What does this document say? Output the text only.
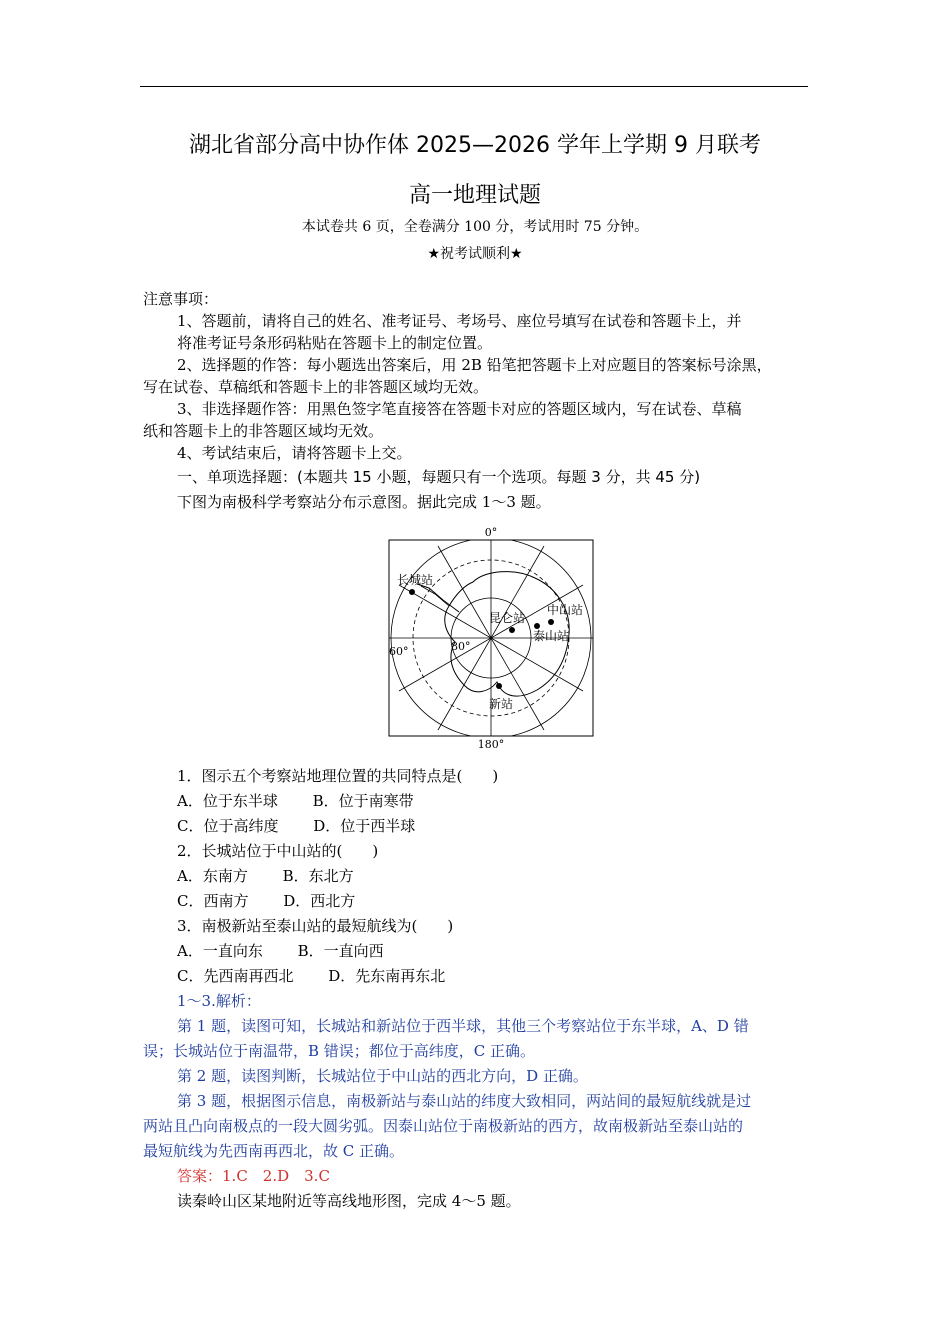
湖北省部分高中协作体 2025—2026 学年上学期 9 月联考
高一地理试题
本试卷共 6 页，全卷满分 100 分，考试用时 75 分钟。
★祝考试顺利★
注意事项：
1、答题前，请将自己的姓名、准考证号、考场号、座位号填写在试卷和答题卡上，并
将准考证号条形码粘贴在答题卡上的制定位置。
2、选择题的作答：每小题选出答案后，用 2B 铅笔把答题卡上对应题目的答案标号涂黑，
写在试卷、草稿纸和答题卡上的非答题区域均无效。
3、非选择题作答：用黑色签字笔直接答在答题卡对应的答题区域内，写在试卷、草稿
纸和答题卡上的非答题区域均无效。
4、考试结束后，请将答题卡上交。
一、单项选择题：(本题共 15 小题，每题只有一个选项。每题 3 分，共 45 分)
下图为南极科学考察站分布示意图。据此完成 1～3 题。
0°
180°
60°	80°
长城站
昆仑站
中山站
泰山站
新站
1．图示五个考察站地理位置的共同特点是(　　)
A．位于东半球　　 B．位于南寒带
C．位于高纬度　　 D．位于西半球
2．长城站位于中山站的(　　)
A．东南方　　 B．东北方
C．西南方　　 D．西北方
3．南极新站至泰山站的最短航线为(　　)
A．一直向东　　 B．一直向西
C．先西南再西北　　 D．先东南再东北
1～3.解析：
第 1 题，读图可知，长城站和新站位于西半球，其他三个考察站位于东半球，A、D 错
误；长城站位于南温带，B 错误；都位于高纬度，C 正确。
第 2 题，读图判断，长城站位于中山站的西北方向，D 正确。
第 3 题，根据图示信息，南极新站与泰山站的纬度大致相同，两站间的最短航线就是过
两站且凸向南极点的一段大圆劣弧。因泰山站位于南极新站的西方，故南极新站至泰山站的
最短航线为先西南再西北，故 C 正确。
答案：1.C　2.D　3.C
读秦岭山区某地附近等高线地形图，完成 4～5 题。
